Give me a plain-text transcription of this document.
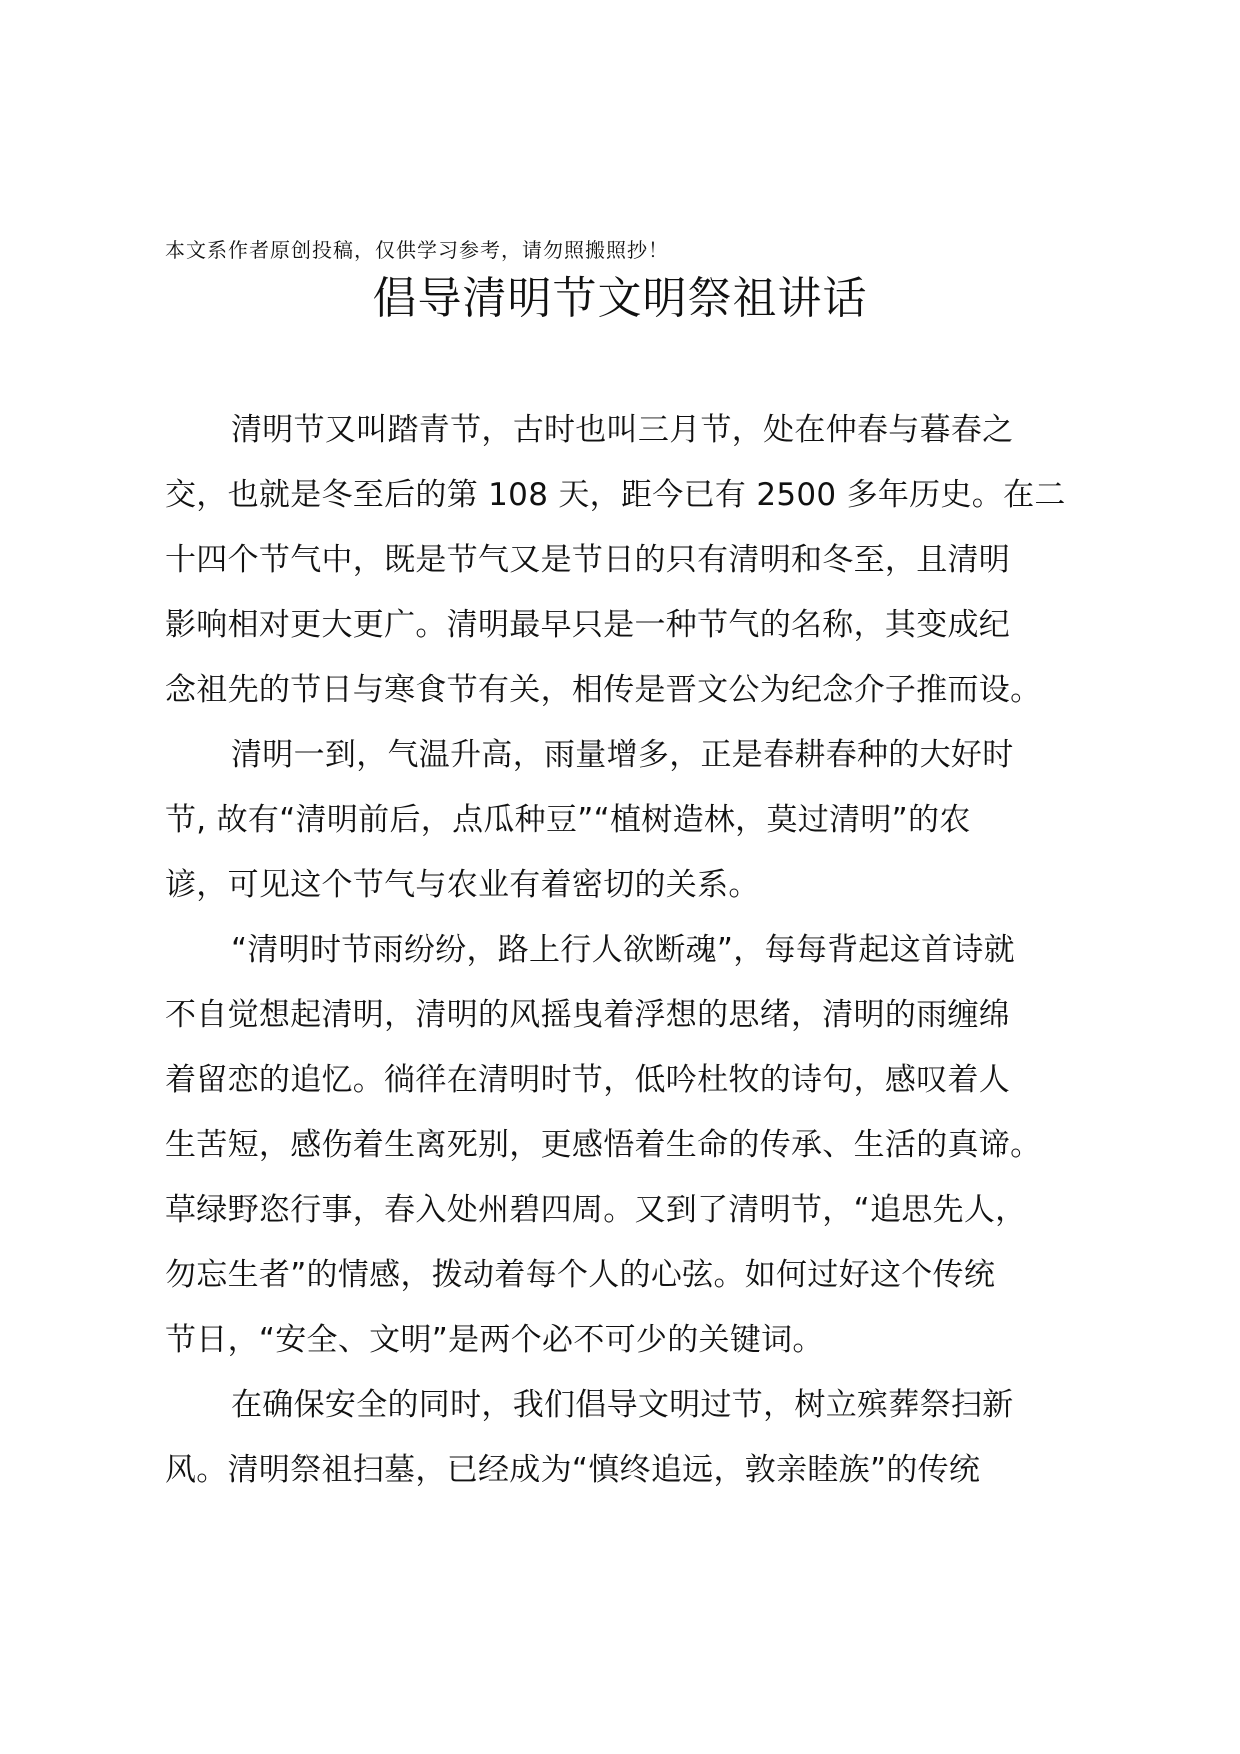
本文系作者原创投稿，仅供学习参考，请勿照搬照抄！
倡导清明节文明祭祖讲话
清明节又叫踏青节，古时也叫三月节，处在仲春与暮春之
交，也就是冬至后的第 108 天，距今已有 2500 多年历史。在二
十四个节气中，既是节气又是节日的只有清明和冬至，且清明
影响相对更大更广。清明最早只是一种节气的名称，其变成纪
念祖先的节日与寒食节有关，相传是晋文公为纪念介子推而设。
清明一到，气温升高，雨量增多，正是春耕春种的大好时
节, 故有“清明前后，点瓜种豆”“植树造林，莫过清明”的农
谚，可见这个节气与农业有着密切的关系。
“清明时节雨纷纷，路上行人欲断魂”，每每背起这首诗就
不自觉想起清明，清明的风摇曳着浮想的思绪，清明的雨缠绵
着留恋的追忆。徜徉在清明时节，低吟杜牧的诗句，感叹着人
生苦短，感伤着生离死别，更感悟着生命的传承、生活的真谛。
草绿野恣行事，春入处州碧四周。又到了清明节，“追思先人，
勿忘生者”的情感，拨动着每个人的心弦。如何过好这个传统
节日，“安全、文明”是两个必不可少的关键词。
在确保安全的同时，我们倡导文明过节，树立殡葬祭扫新
风。清明祭祖扫墓，已经成为“慎终追远，敦亲睦族”的传统
